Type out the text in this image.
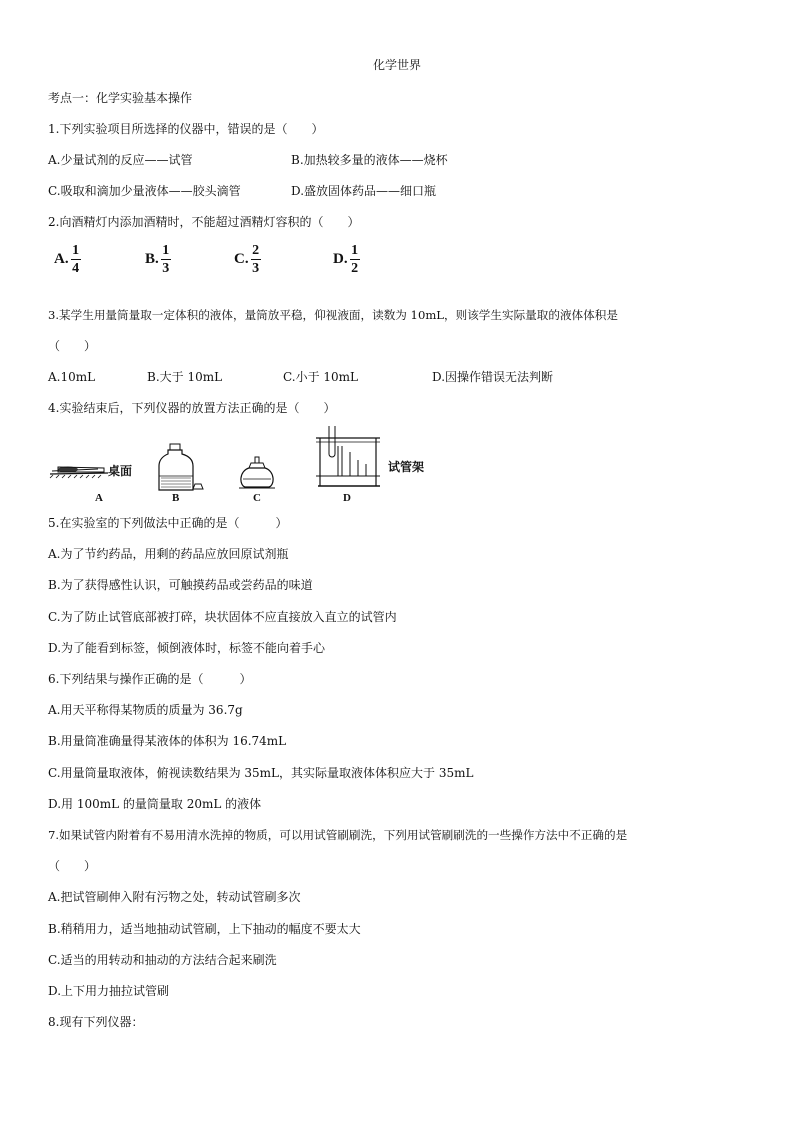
化学世界
考点一：化学实验基本操作
1.下列实验项目所选择的仪器中，错误的是（　　）
A.少量试剂的反应——试管	B.加热较多量的液体——烧杯
C.吸取和滴加少量液体——胶头滴管	D.盛放固体药品——细口瓶
2.向酒精灯内添加酒精时，不能超过酒精灯容积的（　　）
A. $\frac{1}{4}$	B. $\frac{1}{3}$	C. $\frac{2}{3}$	D. $\frac{1}{2}$
3.某学生用量筒量取一定体积的液体，量筒放平稳，仰视液面，读数为 10mL，则该学生实际量取的液体体积是
（　　）
A.10mL	B.大于 10mL	C.小于 10mL	D.因操作错误无法判断
4.实验结束后，下列仪器的放置方法正确的是（　　）
桌面
A	B	C
试管架
D
5.在实验室的下列做法中正确的是（　　　）
A.为了节约药品，用剩的药品应放回原试剂瓶
B.为了获得感性认识，可触摸药品或尝药品的味道
C.为了防止试管底部被打碎，块状固体不应直接放入直立的试管内
D.为了能看到标签，倾倒液体时，标签不能向着手心
6.下列结果与操作正确的是（　　　）
A.用天平称得某物质的质量为 36.7g
B.用量筒准确量得某液体的体积为 16.74mL
C.用量筒量取液体，俯视读数结果为 35mL，其实际量取液体体积应大于 35mL
D.用 100mL 的量筒量取 20mL 的液体
7.如果试管内附着有不易用清水洗掉的物质，可以用试管刷刷洗，下列用试管刷刷洗的一些操作方法中不正确的是
（　　）
A.把试管刷伸入附有污物之处，转动试管刷多次
B.稍稍用力，适当地抽动试管刷，上下抽动的幅度不要太大
C.适当的用转动和抽动的方法结合起来刷洗
D.上下用力抽拉试管刷
8.现有下列仪器：
